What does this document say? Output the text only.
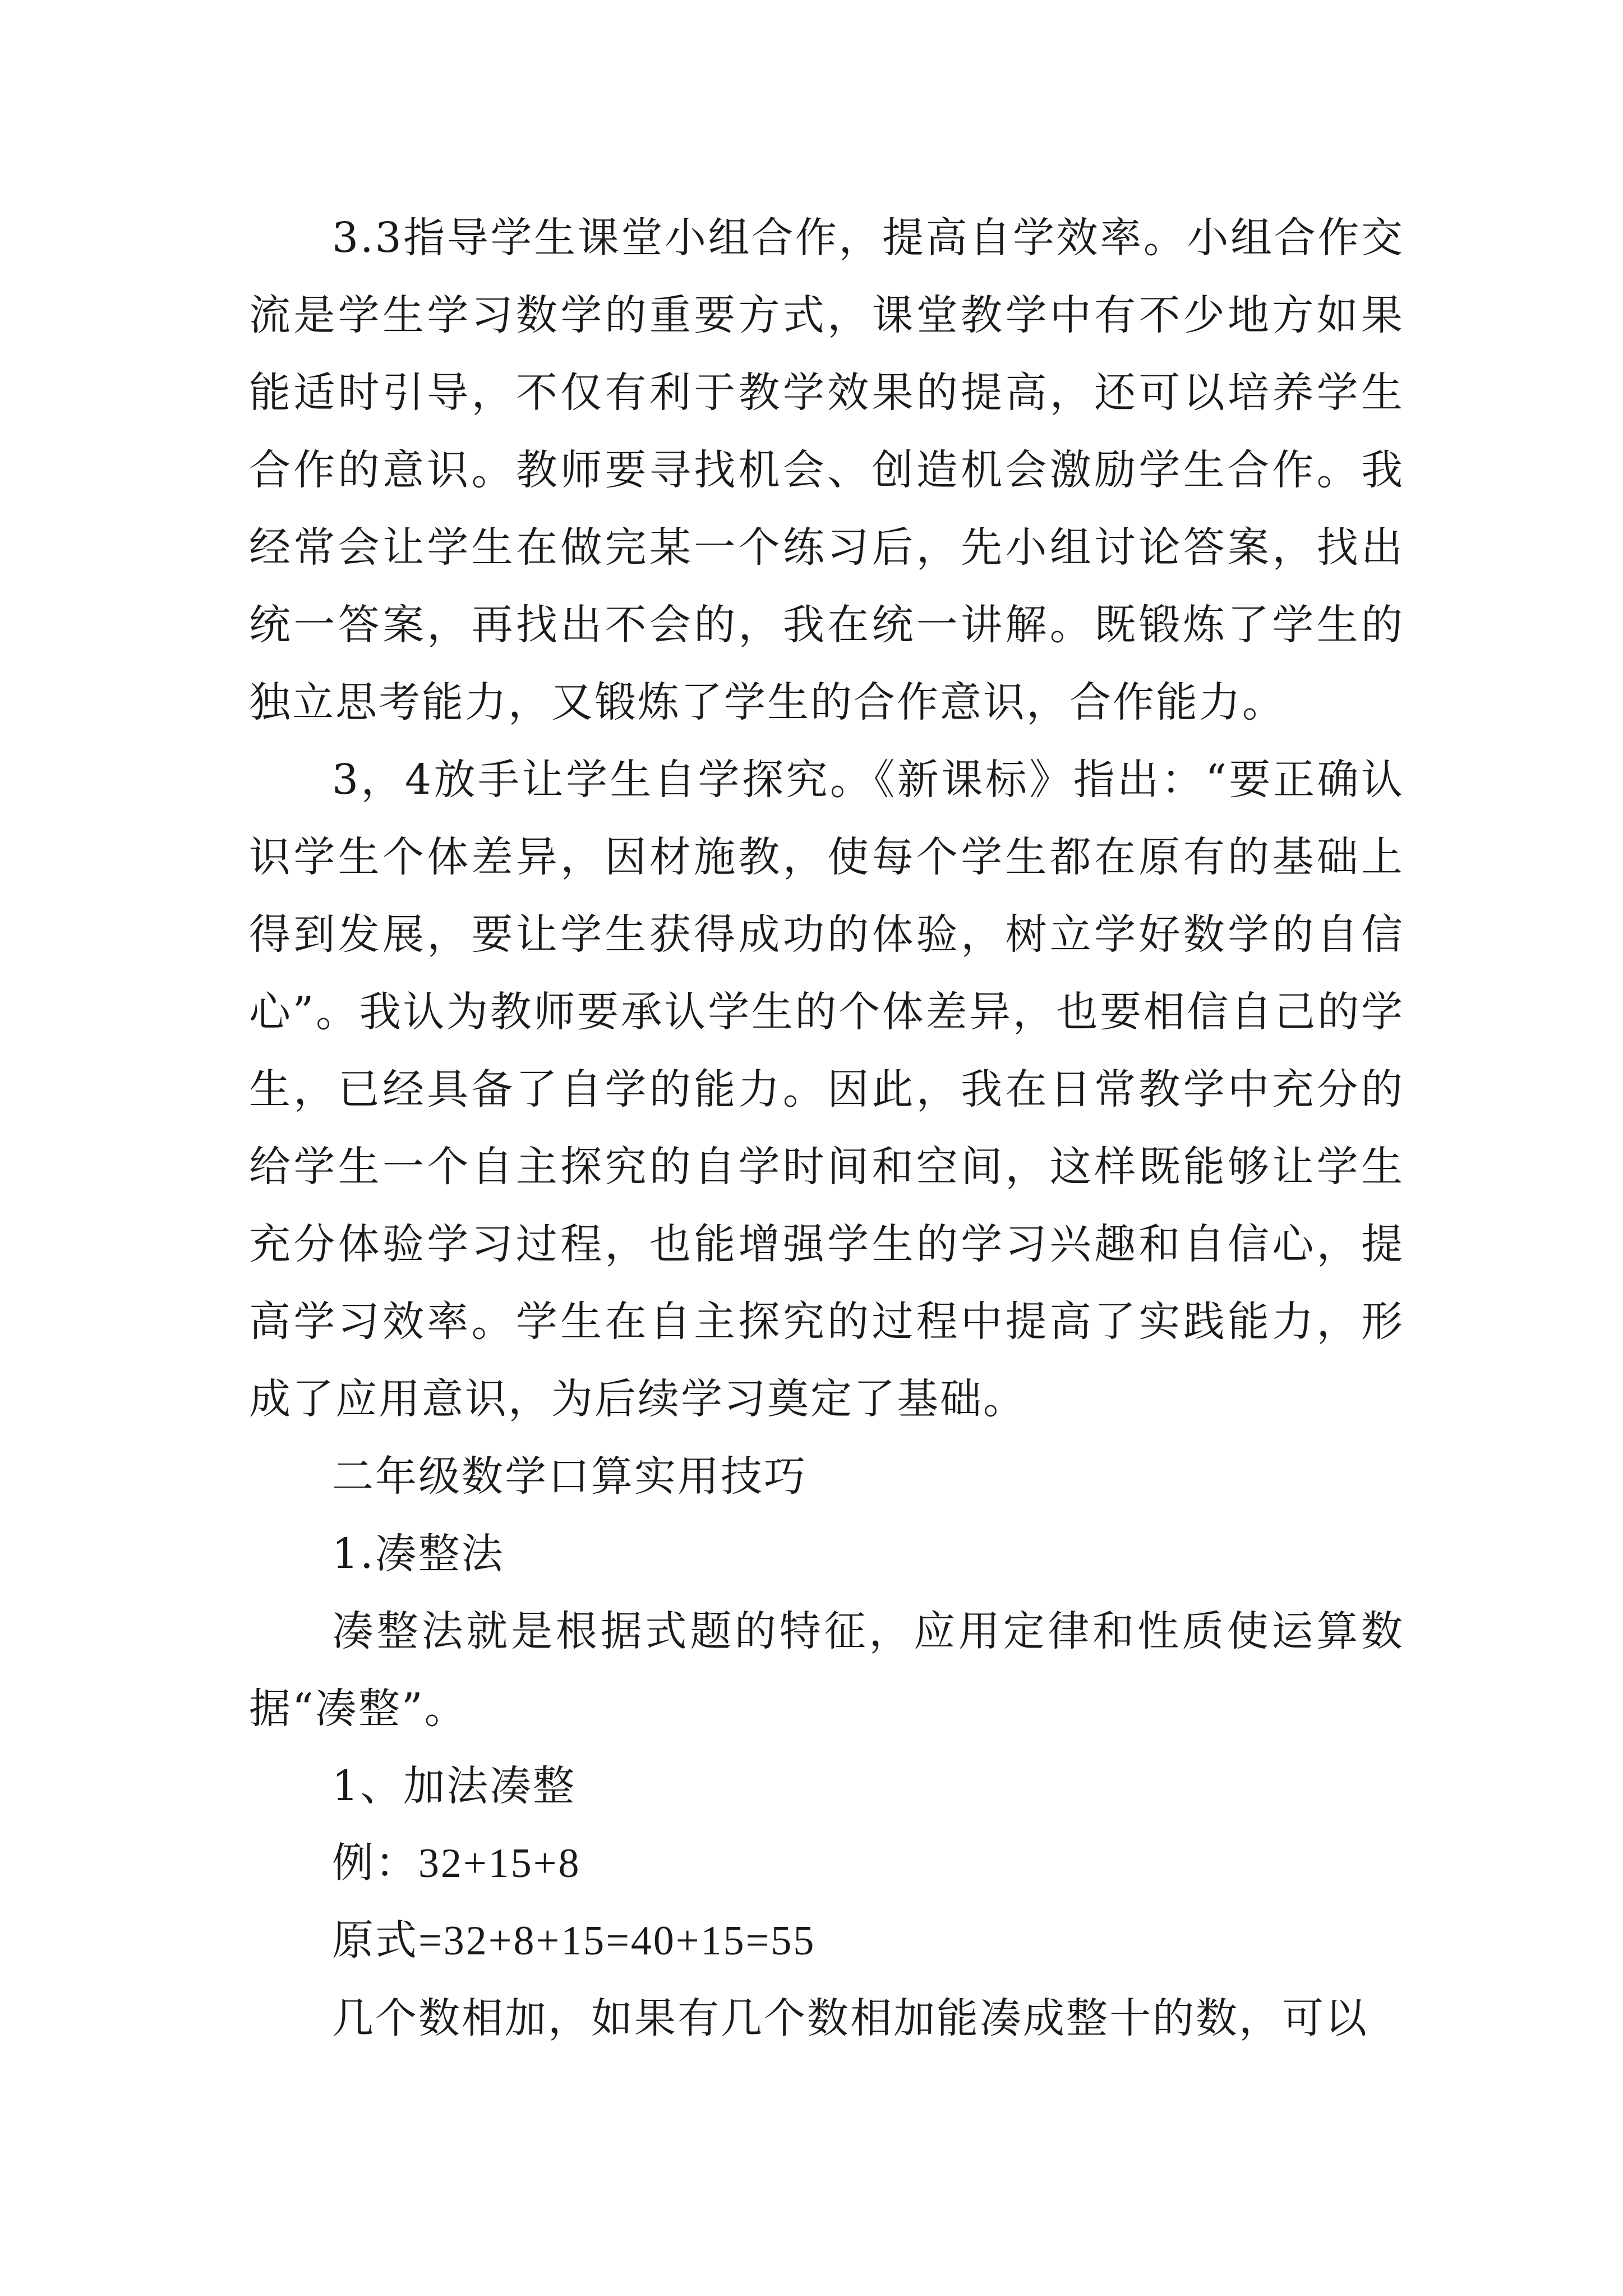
3.3指导学生课堂小组合作，提高自学效率。小组合作交流是学生学习数学的重要方式，课堂教学中有不少地方如果能适时引导，不仅有利于教学效果的提高，还可以培养学生合作的意识。教师要寻找机会、创造机会激励学生合作。我经常会让学生在做完某一个练习后，先小组讨论答案，找出统一答案，再找出不会的，我在统一讲解。既锻炼了学生的独立思考能力，又锻炼了学生的合作意识，合作能力。

3，4放手让学生自学探究。《新课标》指出：“要正确认识学生个体差异，因材施教，使每个学生都在原有的基础上得到发展，要让学生获得成功的体验，树立学好数学的自信心”。我认为教师要承认学生的个体差异，也要相信自己的学生，已经具备了自学的能力。因此，我在日常教学中充分的给学生一个自主探究的自学时间和空间，这样既能够让学生充分体验学习过程，也能增强学生的学习兴趣和自信心，提高学习效率。学生在自主探究的过程中提高了实践能力，形成了应用意识，为后续学习奠定了基础。

二年级数学口算实用技巧

1.凑整法

凑整法就是根据式题的特征，应用定律和性质使运算数据“凑整”。

1、加法凑整

例：32+15+8

原式=32+8+15=40+15=55

几个数相加，如果有几个数相加能凑成整十的数，可以
